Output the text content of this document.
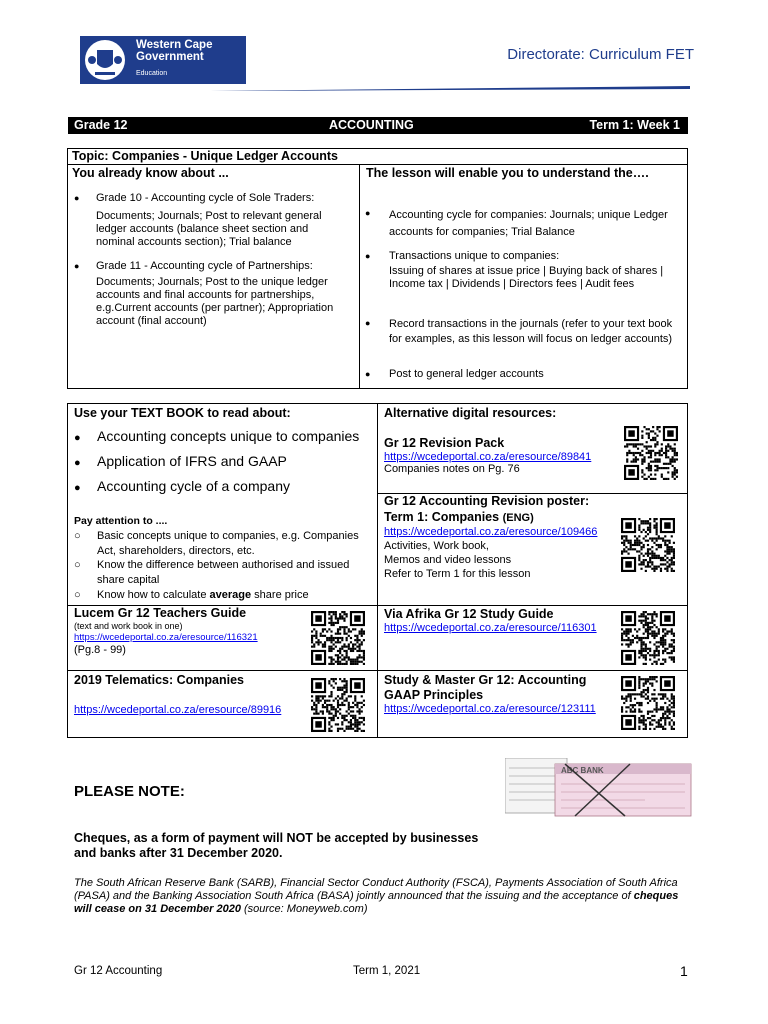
Western Cape
Government
Education
Directorate: Curriculum FET
Grade 12	ACCOUNTING	Term 1: Week 1
Topic: Companies - Unique Ledger Accounts
You already know about ...
● Grade 10 - Accounting cycle of Sole Traders:
Documents; Journals; Post to relevant general ledger accounts (balance sheet section and nominal accounts section); Trial balance
● Grade 11 - Accounting cycle of Partnerships:
Documents; Journals; Post to the unique ledger accounts and final accounts for partnerships, e.g.Current accounts (per partner); Appropriation account (final account)
The lesson will enable you to understand the….
● Accounting cycle for companies: Journals; unique Ledger accounts for companies; Trial Balance
● Transactions unique to companies:
Issuing of shares at issue price | Buying back of shares | Income tax | Dividends | Directors fees | Audit fees
● Record transactions in the journals (refer to your text book for examples, as this lesson will focus on ledger accounts)
● Post to general ledger accounts
Use your TEXT BOOK to read about:
● Accounting concepts unique to companies
● Application of IFRS and GAAP
● Accounting cycle of a company
Pay attention to ....
○ Basic concepts unique to companies, e.g. Companies Act, shareholders, directors, etc.
○ Know the difference between authorised and issued share capital
○ Know how to calculate average share price
Alternative digital resources:
Gr 12 Revision Pack
https://wcedeportal.co.za/eresource/89841
Companies notes on Pg. 76
Gr 12 Accounting Revision poster:
Term 1: Companies (ENG)
https://wcedeportal.co.za/eresource/109466
Activities, Work book,
Memos and video lessons
Refer to Term 1 for this lesson
Lucem Gr 12 Teachers Guide
(text and work book in one)
https://wcedeportal.co.za/eresource/116321
(Pg.8 - 99)
Via Afrika Gr 12 Study Guide
https://wcedeportal.co.za/eresource/116301
2019 Telematics: Companies
https://wcedeportal.co.za/eresource/89916
Study & Master Gr 12: Accounting
GAAP Principles
https://wcedeportal.co.za/eresource/123111
PLEASE NOTE:
ABC BANK
Cheques, as a form of payment will NOT be accepted by businesses and banks after 31 December 2020.
The South African Reserve Bank (SARB), Financial Sector Conduct Authority (FSCA), Payments Association of South Africa (PASA) and the Banking Association South Africa (BASA) jointly announced that the issuing and the acceptance of cheques will cease on 31 December 2020 (source: Moneyweb.com)
Gr 12 Accounting	Term 1, 2021	1
